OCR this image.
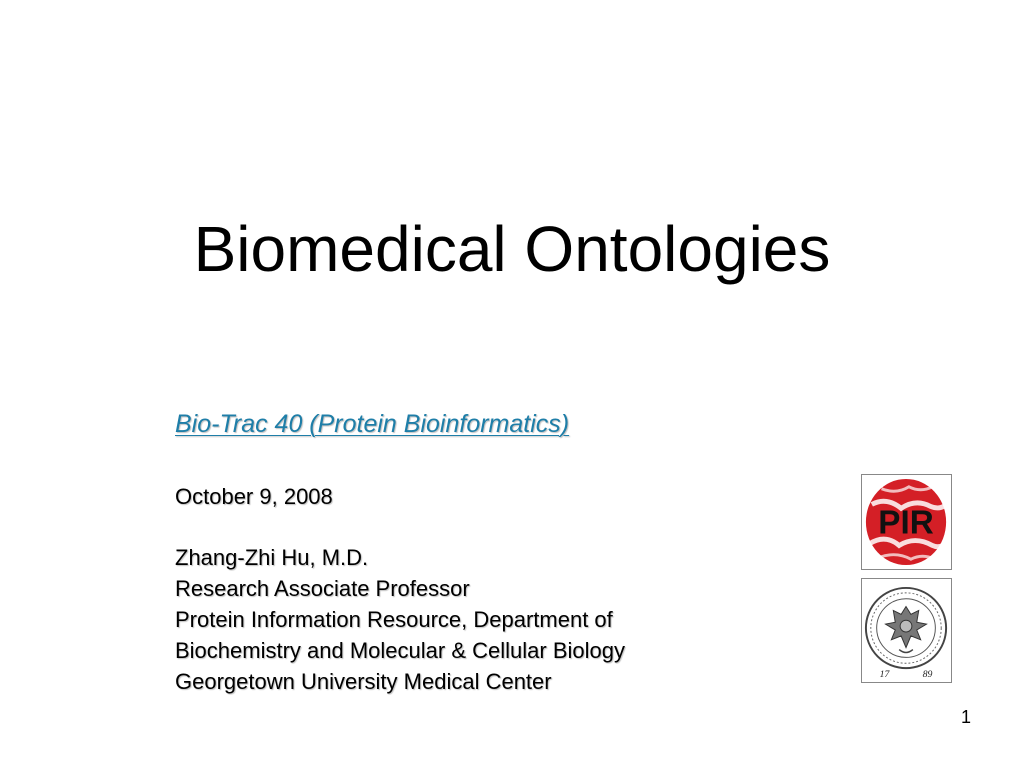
Biomedical Ontologies
Bio-Trac 40 (Protein Bioinformatics)
October 9, 2008
Zhang-Zhi Hu, M.D.
Research Associate Professor
Protein Information Resource, Department of
Biochemistry and Molecular & Cellular Biology
Georgetown University Medical Center
PIR
17	89
1
